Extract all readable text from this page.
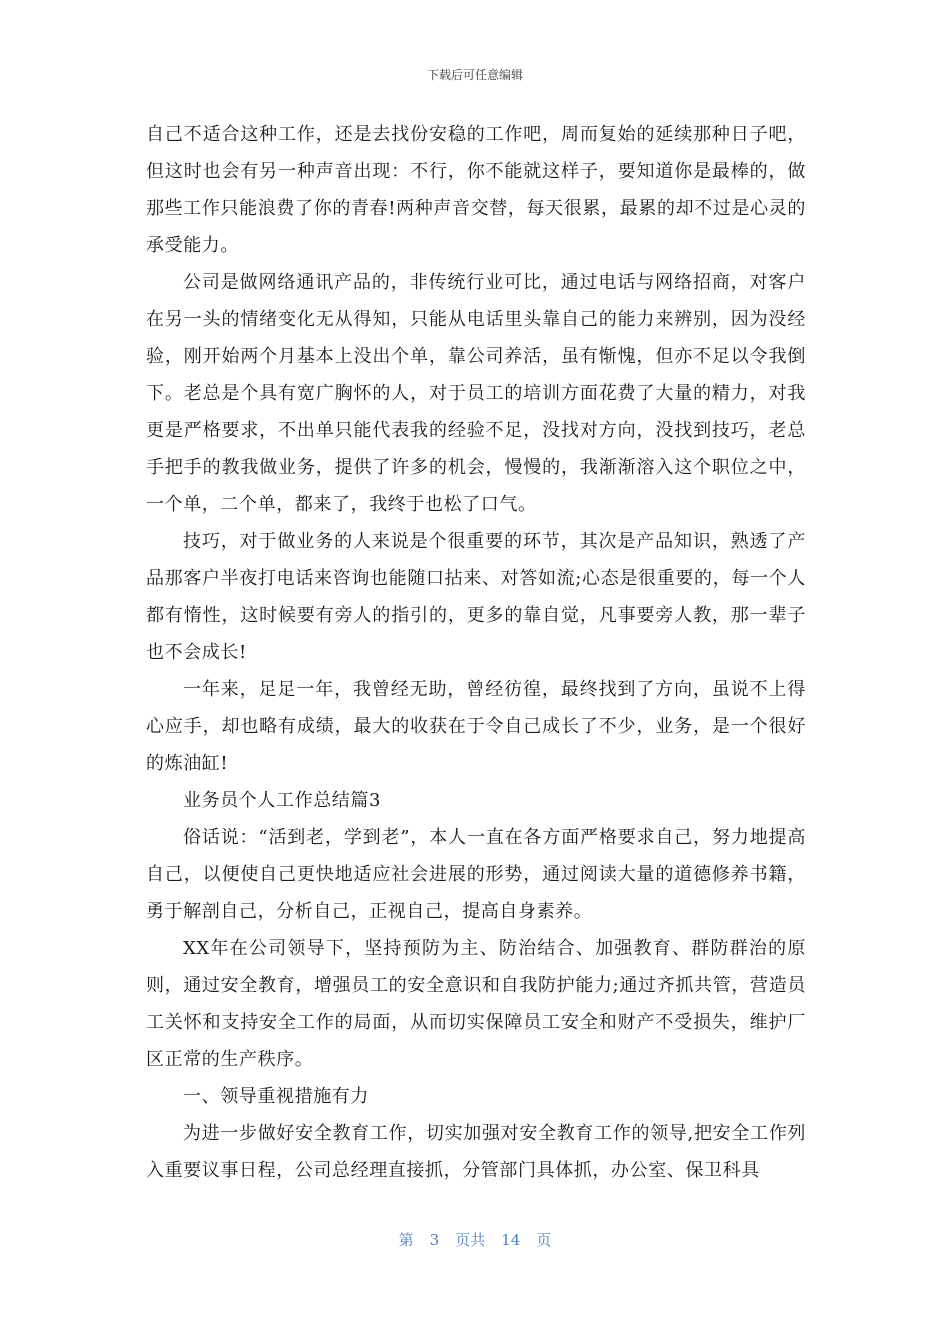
下载后可任意编辑

自己不适合这种工作，还是去找份安稳的工作吧，周而复始的延续那种日子吧，但这时也会有另一种声音出现：不行，你不能就这样子，要知道你是最棒的，做那些工作只能浪费了你的青春!两种声音交替，每天很累，最累的却不过是心灵的承受能力。

公司是做网络通讯产品的，非传统行业可比，通过电话与网络招商，对客户在另一头的情绪变化无从得知，只能从电话里头靠自己的能力来辨别，因为没经验，刚开始两个月基本上没出个单，靠公司养活，虽有惭愧，但亦不足以令我倒下。老总是个具有宽广胸怀的人，对于员工的培训方面花费了大量的精力，对我更是严格要求，不出单只能代表我的经验不足，没找对方向，没找到技巧，老总手把手的教我做业务，提供了许多的机会，慢慢的，我渐渐溶入这个职位之中，一个单，二个单，都来了，我终于也松了口气。

技巧，对于做业务的人来说是个很重要的环节，其次是产品知识，熟透了产品那客户半夜打电话来咨询也能随口拈来、对答如流;心态是很重要的，每一个人都有惰性，这时候要有旁人的指引的，更多的靠自觉，凡事要旁人教，那一辈子也不会成长!

一年来，足足一年，我曾经无助，曾经彷徨，最终找到了方向，虽说不上得心应手，却也略有成绩，最大的收获在于令自己成长了不少，业务，是一个很好的炼油缸!

业务员个人工作总结篇3

俗话说：“活到老，学到老”，本人一直在各方面严格要求自己，努力地提高自己，以便使自己更快地适应社会进展的形势，通过阅读大量的道德修养书籍，勇于解剖自己，分析自己，正视自己，提高自身素养。

XX年在公司领导下，坚持预防为主、防治结合、加强教育、群防群治的原则，通过安全教育，增强员工的安全意识和自我防护能力;通过齐抓共管，营造员工关怀和支持安全工作的局面，从而切实保障员工安全和财产不受损失，维护厂区正常的生产秩序。

一、领导重视措施有力

为进一步做好安全教育工作，切实加强对安全教育工作的领导,把安全工作列入重要议事日程，公司总经理直接抓，分管部门具体抓，办公室、保卫科具

第 3 页共 14 页
